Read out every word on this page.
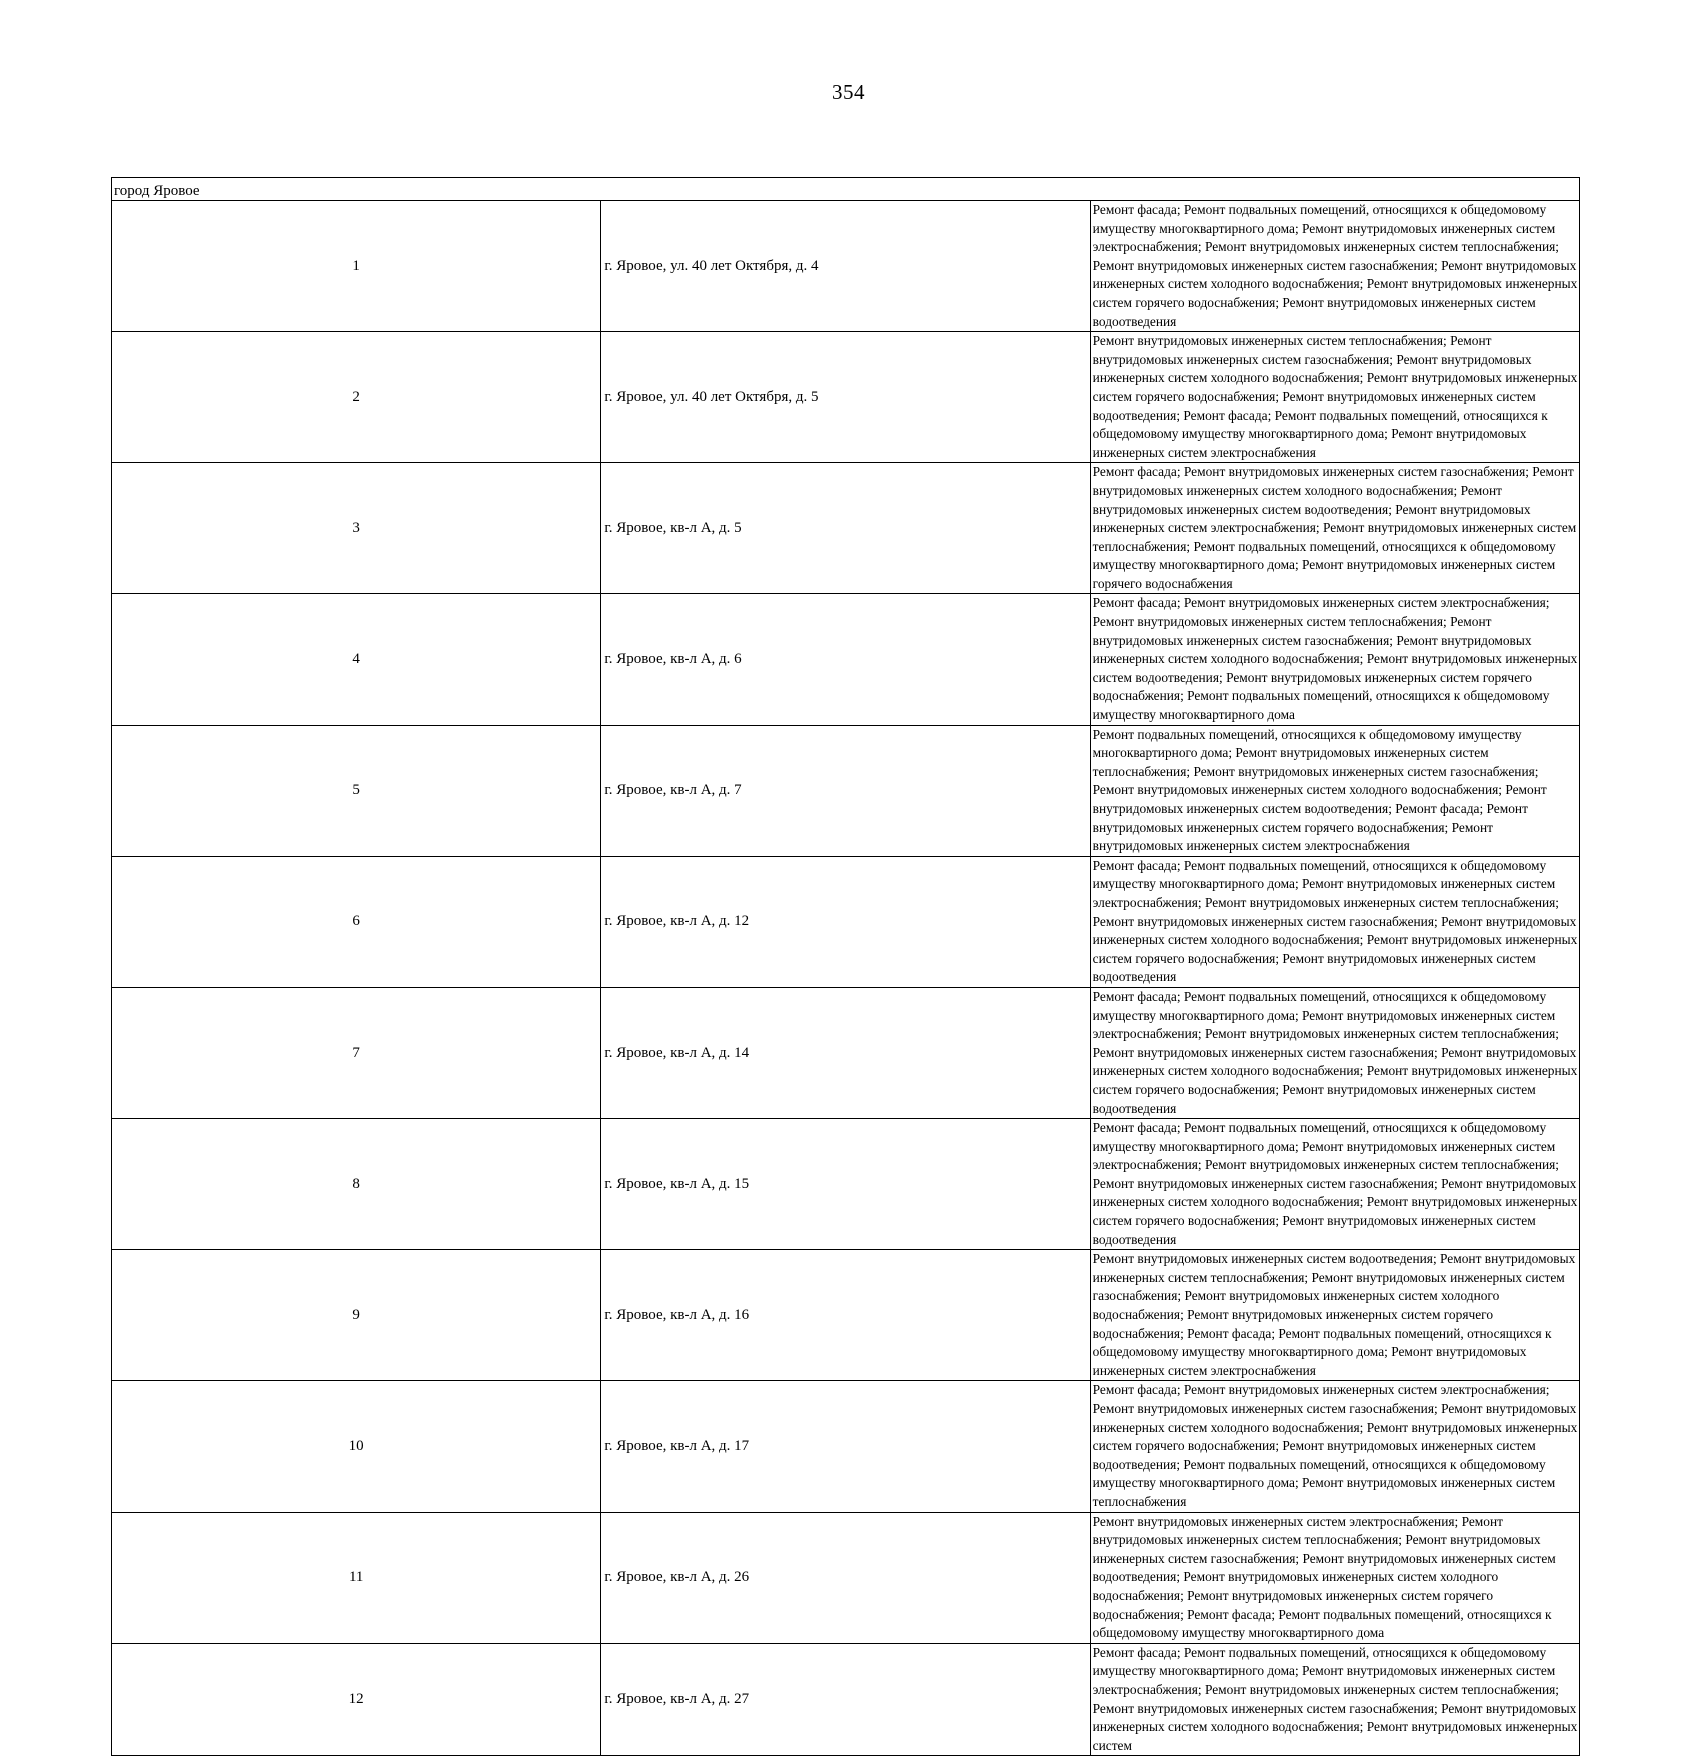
354
город Яровое		
1	г. Яровое, ул. 40 лет Октября, д. 4	Ремонт фасада; Ремонт подвальных помещений, относящихся к общедомовому имуществу многоквартирного дома; Ремонт внутридомовых инженерных систем электроснабжения; Ремонт внутридомовых инженерных систем теплоснабжения; Ремонт внутридомовых инженерных систем газоснабжения; Ремонт внутридомовых инженерных систем холодного водоснабжения; Ремонт внутридомовых инженерных систем горячего водоснабжения; Ремонт внутридомовых инженерных систем водоотведения
2	г. Яровое, ул. 40 лет Октября, д. 5	Ремонт внутридомовых инженерных систем теплоснабжения; Ремонт внутридомовых инженерных систем газоснабжения; Ремонт внутридомовых инженерных систем холодного водоснабжения; Ремонт внутридомовых инженерных систем горячего водоснабжения; Ремонт внутридомовых инженерных систем водоотведения; Ремонт фасада; Ремонт подвальных помещений, относящихся к общедомовому имуществу многоквартирного дома; Ремонт внутридомовых инженерных систем электроснабжения
3	г. Яровое, кв-л А, д. 5	Ремонт фасада; Ремонт внутридомовых инженерных систем газоснабжения; Ремонт внутридомовых инженерных систем холодного водоснабжения; Ремонт внутридомовых инженерных систем водоотведения; Ремонт внутридомовых инженерных систем электроснабжения; Ремонт внутридомовых инженерных систем теплоснабжения; Ремонт подвальных помещений, относящихся к общедомовому имуществу многоквартирного дома; Ремонт внутридомовых инженерных систем горячего водоснабжения
4	г. Яровое, кв-л А, д. 6	Ремонт фасада; Ремонт внутридомовых инженерных систем электроснабжения; Ремонт внутридомовых инженерных систем теплоснабжения; Ремонт внутридомовых инженерных систем газоснабжения; Ремонт внутридомовых инженерных систем холодного водоснабжения; Ремонт внутридомовых инженерных систем водоотведения; Ремонт внутридомовых инженерных систем горячего водоснабжения; Ремонт подвальных помещений, относящихся к общедомовому имуществу многоквартирного дома
5	г. Яровое, кв-л А, д. 7	Ремонт подвальных помещений, относящихся к общедомовому имуществу многоквартирного дома; Ремонт внутридомовых инженерных систем теплоснабжения; Ремонт внутридомовых инженерных систем газоснабжения; Ремонт внутридомовых инженерных систем холодного водоснабжения; Ремонт внутридомовых инженерных систем водоотведения; Ремонт фасада; Ремонт внутридомовых инженерных систем горячего водоснабжения; Ремонт внутридомовых инженерных систем электроснабжения
6	г. Яровое, кв-л А, д. 12	Ремонт фасада; Ремонт подвальных помещений, относящихся к общедомовому имуществу многоквартирного дома; Ремонт внутридомовых инженерных систем электроснабжения; Ремонт внутридомовых инженерных систем теплоснабжения; Ремонт внутридомовых инженерных систем газоснабжения; Ремонт внутридомовых инженерных систем холодного водоснабжения; Ремонт внутридомовых инженерных систем горячего водоснабжения; Ремонт внутридомовых инженерных систем водоотведения
7	г. Яровое, кв-л А, д. 14	Ремонт фасада; Ремонт подвальных помещений, относящихся к общедомовому имуществу многоквартирного дома; Ремонт внутридомовых инженерных систем электроснабжения; Ремонт внутридомовых инженерных систем теплоснабжения; Ремонт внутридомовых инженерных систем газоснабжения; Ремонт внутридомовых инженерных систем холодного водоснабжения; Ремонт внутридомовых инженерных систем горячего водоснабжения; Ремонт внутридомовых инженерных систем водоотведения
8	г. Яровое, кв-л А, д. 15	Ремонт фасада; Ремонт подвальных помещений, относящихся к общедомовому имуществу многоквартирного дома; Ремонт внутридомовых инженерных систем электроснабжения; Ремонт внутридомовых инженерных систем теплоснабжения; Ремонт внутридомовых инженерных систем газоснабжения; Ремонт внутридомовых инженерных систем холодного водоснабжения; Ремонт внутридомовых инженерных систем горячего водоснабжения; Ремонт внутридомовых инженерных систем водоотведения
9	г. Яровое, кв-л А, д. 16	Ремонт внутридомовых инженерных систем водоотведения; Ремонт внутридомовых инженерных систем теплоснабжения; Ремонт внутридомовых инженерных систем газоснабжения; Ремонт внутридомовых инженерных систем холодного водоснабжения; Ремонт внутридомовых инженерных систем горячего водоснабжения; Ремонт фасада; Ремонт подвальных помещений, относящихся к общедомовому имуществу многоквартирного дома; Ремонт внутридомовых инженерных систем электроснабжения
10	г. Яровое, кв-л А, д. 17	Ремонт фасада; Ремонт внутридомовых инженерных систем электроснабжения; Ремонт внутридомовых инженерных систем газоснабжения; Ремонт внутридомовых инженерных систем холодного водоснабжения; Ремонт внутридомовых инженерных систем горячего водоснабжения; Ремонт внутридомовых инженерных систем водоотведения; Ремонт подвальных помещений, относящихся к общедомовому имуществу многоквартирного дома; Ремонт внутридомовых инженерных систем теплоснабжения
11	г. Яровое, кв-л А, д. 26	Ремонт внутридомовых инженерных систем электроснабжения; Ремонт внутридомовых инженерных систем теплоснабжения; Ремонт внутридомовых инженерных систем газоснабжения; Ремонт внутридомовых инженерных систем водоотведения; Ремонт внутридомовых инженерных систем холодного водоснабжения; Ремонт внутридомовых инженерных систем горячего водоснабжения; Ремонт фасада; Ремонт подвальных помещений, относящихся к общедомовому имуществу многоквартирного дома
12	г. Яровое, кв-л А, д. 27	Ремонт фасада; Ремонт подвальных помещений, относящихся к общедомовому имуществу многоквартирного дома; Ремонт внутридомовых инженерных систем электроснабжения; Ремонт внутридомовых инженерных систем теплоснабжения; Ремонт внутридомовых инженерных систем газоснабжения; Ремонт внутридомовых инженерных систем холодного водоснабжения; Ремонт внутридомовых инженерных систем
